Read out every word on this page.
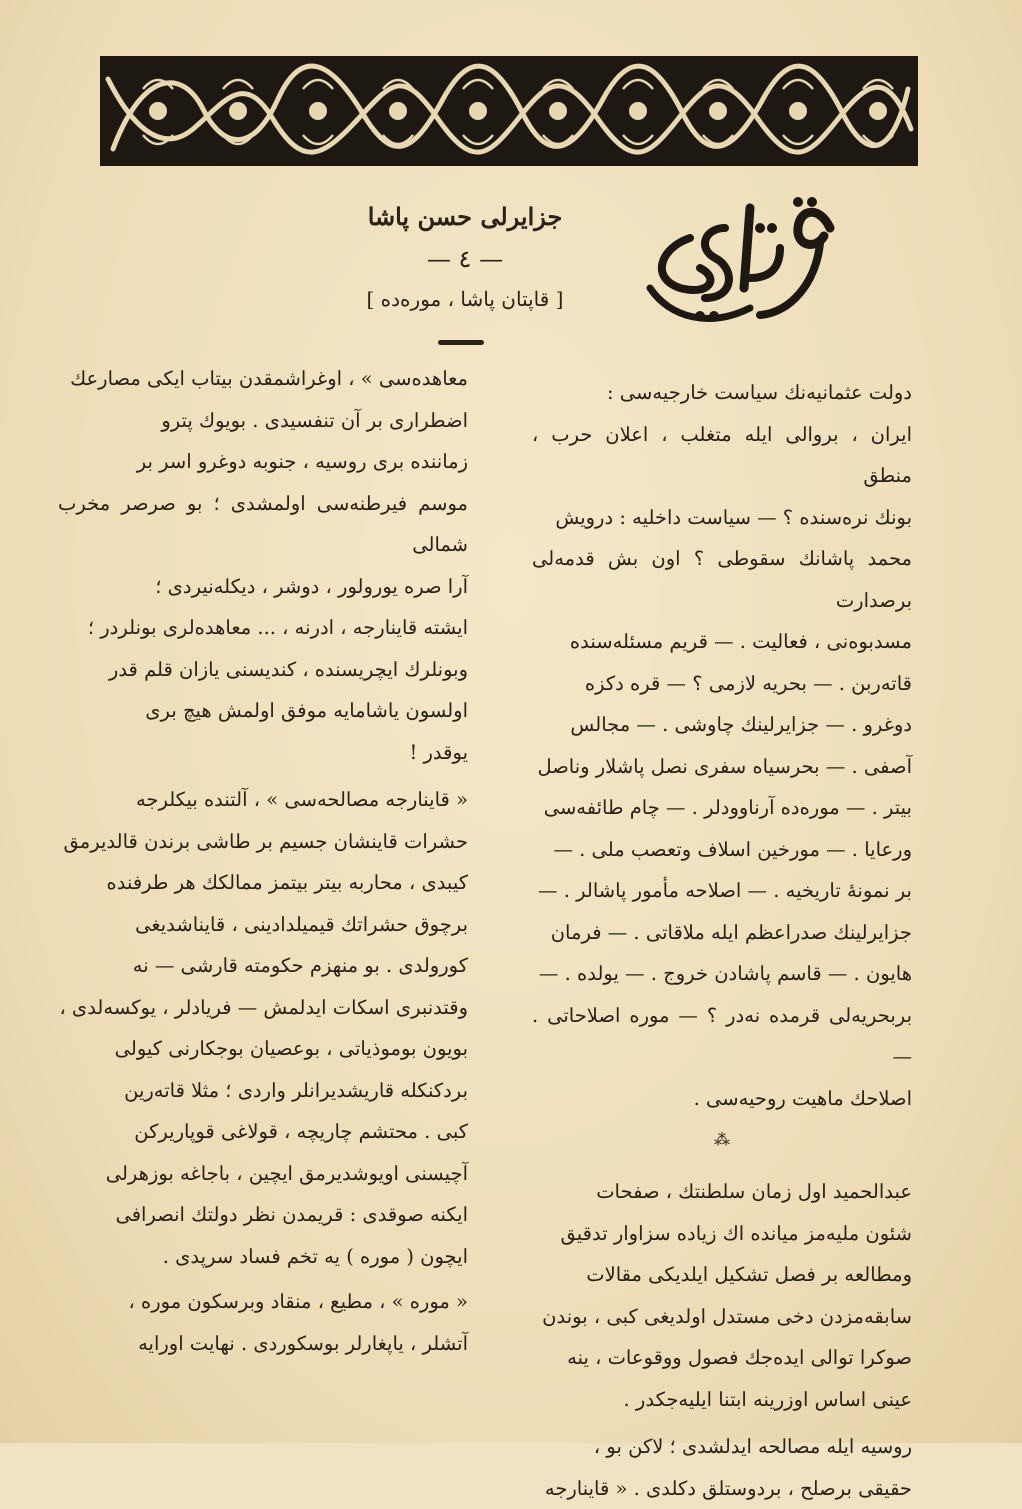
جزايرلى حسن پاشا
— ٤ —
[ قاپتان پاشا ، موره‌ده ]

دولت عثمانيه‌نك سياست خارجيه‌سى :

ايران ، بروالى ايله متغلب ، اعلان حرب ، منطق

بونك نره‌سنده ؟ — سياست داخليه : درويش

محمد پاشانك سقوطى ؟ اون بش قدمه‌لى برصدارت

مسدبوه‌نى ، فعاليت . — قريم مسئله‌سنده

قاته‌ربن . — بحريه لازمى ؟ — قره دكزه

دوغرو . — جزايرلينك چاوشى . — مجالس

آصفى . — بحرسياه سفرى نصل پاشلار وناصل

بيتر . — موره‌ده آرناوودلر . — چام طائفه‌سى

ورعايا . — مورخين اسلاف وتعصب ملى . —

بر نمونهٔ تاريخيه . — اصلاحه مأمور پاشالر . —

جزايرلينك صدراعظم ايله ملاقاتى . — فرمان

هايون . — قاسم پاشادن خروج . — يولده . —

بربحريه‌لى قرمده نه‌در ؟ — موره اصلاحاتى . —

اصلاحك ماهيت روحيه‌سى .

⁂

عبدالحميد اول زمان سلطنتك ، صفحات

شئون مليه‌مز ميانده اك زياده سزاوار تدقيق

ومطالعه بر فصل تشكيل ايلديكى مقالات

سابقه‌مزدن دخى مستدل اولديغى كبى ، بوندن

صوكرا توالى ايده‌جك فصول ووقوعات ، ينه

عينى اساس اوزرينه ابتنا ايليه‌جكدر .

روسيه ايله مصالحه ايدلشدى ؛ لاكن بو ،

حقيقى برصلح ، بردوستلق دكلدى . « قاينارجه

معاهده‌سى » ، اوغراشمقدن بيتاب ايكى مصارعك

اضطرارى بر آن تنفسيدى . بويوك پترو

زماننده برى روسيه ، جنوبه دوغرو اسر بر

موسم فيرطنه‌سى اولمشدى ؛ بو صرصر مخرب شمالى

آرا صره يورولور ، دوشر ، ديكله‌نيردى ؛

ايشته قاينارجه ، ادرنه ، ... معاهده‌لرى بونلردر ؛

وبونلرك ايچريسنده ، كنديسنى يازان قلم قدر

اولسون ياشامايه موفق اولمش هيچ برى

يوقدر !

« قاينارجه مصالحه‌سى » ، آلتنده بيكلرجه

حشرات قاينشان جسيم بر طاشى برندن قالديرمق

كيبدى ، محاربه بيتر بيتمز ممالكك هر طرفنده

برچوق حشراتك قيميلدادينى ، قايناشديغى

كورولدى . بو منهزم حكومته قارشى — نه

وقتدنبرى اسكات ايدلمش — فريادلر ، يوكسه‌لدى ،

بويون بوموذياتى ، بوعصيان بوجكارنى كيولى

بردكنكله قاريشديرانلر واردى ؛ مثلا قاته‌رين

كبى . محتشم چاريچه ، قولاغى قوپاريركن

آچيسنى اويوشديرمق ايچين ، باجاغه بوزهرلى

ايكنه صوقدى : قريمدن نظر دولتك انصرافى

ايچون ( موره ) يه تخم فساد سرپدى .

« موره » ، مطيع ، منقاد وبرسكون موره ،

آتشلر ، ياپغارلر بوسكوردى . نهايت اورايه
